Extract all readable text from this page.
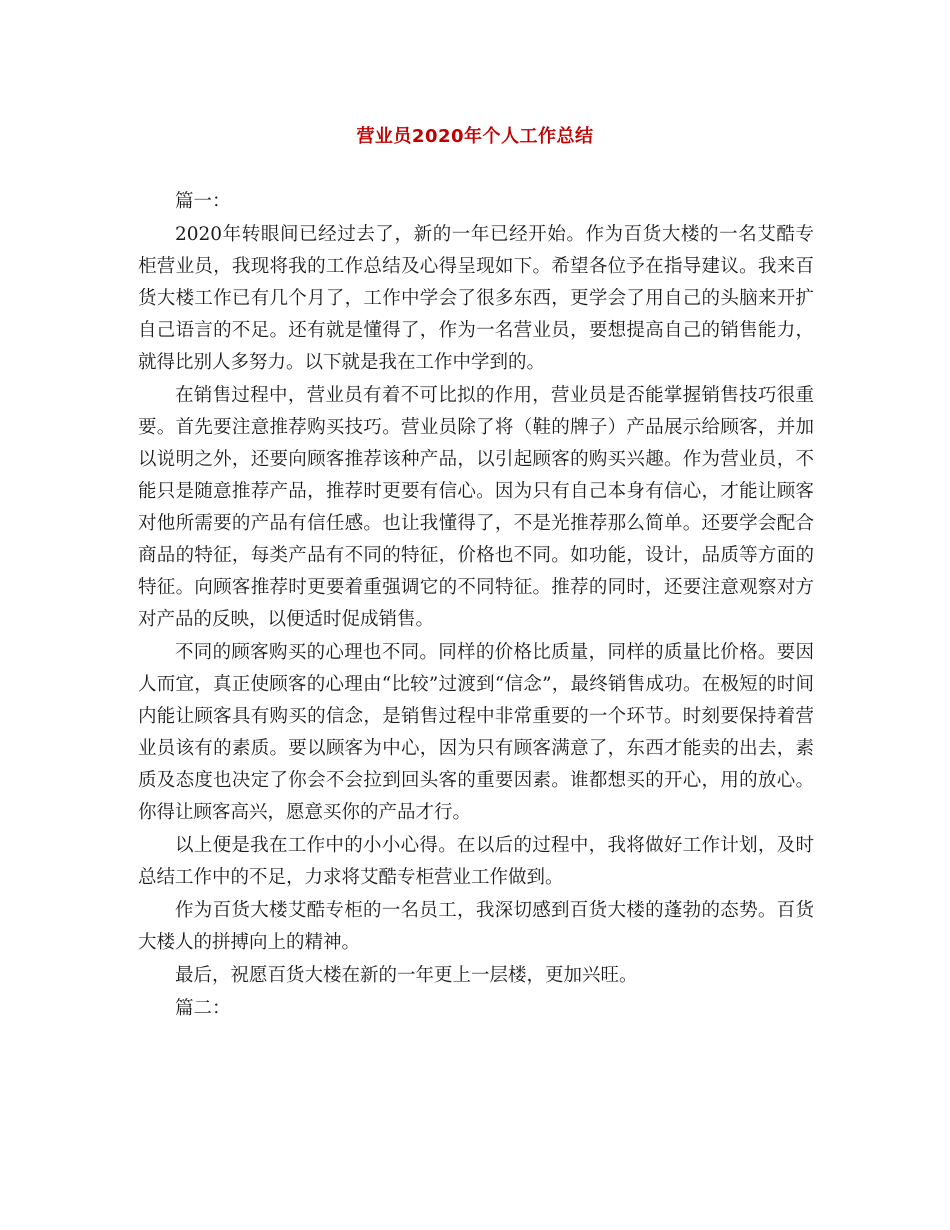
营业员2020年个人工作总结

篇一：

2020年转眼间已经过去了，新的一年已经开始。作为百货大楼的一名艾酷专柜营业员，我现将我的工作总结及心得呈现如下。希望各位予在指导建议。我来百货大楼工作已有几个月了，工作中学会了很多东西，更学会了用自己的头脑来开扩自己语言的不足。还有就是懂得了，作为一名营业员，要想提高自己的销售能力，就得比别人多努力。以下就是我在工作中学到的。

在销售过程中，营业员有着不可比拟的作用，营业员是否能掌握销售技巧很重要。首先要注意推荐购买技巧。营业员除了将（鞋的牌子）产品展示给顾客，并加以说明之外，还要向顾客推荐该种产品，以引起顾客的购买兴趣。作为营业员，不能只是随意推荐产品，推荐时更要有信心。因为只有自己本身有信心，才能让顾客对他所需要的产品有信任感。也让我懂得了，不是光推荐那么简单。还要学会配合商品的特征，每类产品有不同的特征，价格也不同。如功能，设计，品质等方面的特征。向顾客推荐时更要着重强调它的不同特征。推荐的同时，还要注意观察对方对产品的反映，以便适时促成销售。

不同的顾客购买的心理也不同。同样的价格比质量，同样的质量比价格。要因人而宜，真正使顾客的心理由“比较”过渡到“信念”，最终销售成功。在极短的时间内能让顾客具有购买的信念，是销售过程中非常重要的一个环节。时刻要保持着营业员该有的素质。要以顾客为中心，因为只有顾客满意了，东西才能卖的出去，素质及态度也决定了你会不会拉到回头客的重要因素。谁都想买的开心，用的放心。你得让顾客高兴，愿意买你的产品才行。

以上便是我在工作中的小小心得。在以后的过程中，我将做好工作计划，及时总结工作中的不足，力求将艾酷专柜营业工作做到。

作为百货大楼艾酷专柜的一名员工，我深切感到百货大楼的蓬勃的态势。百货大楼人的拼搏向上的精神。

最后，祝愿百货大楼在新的一年更上一层楼，更加兴旺。

篇二：
